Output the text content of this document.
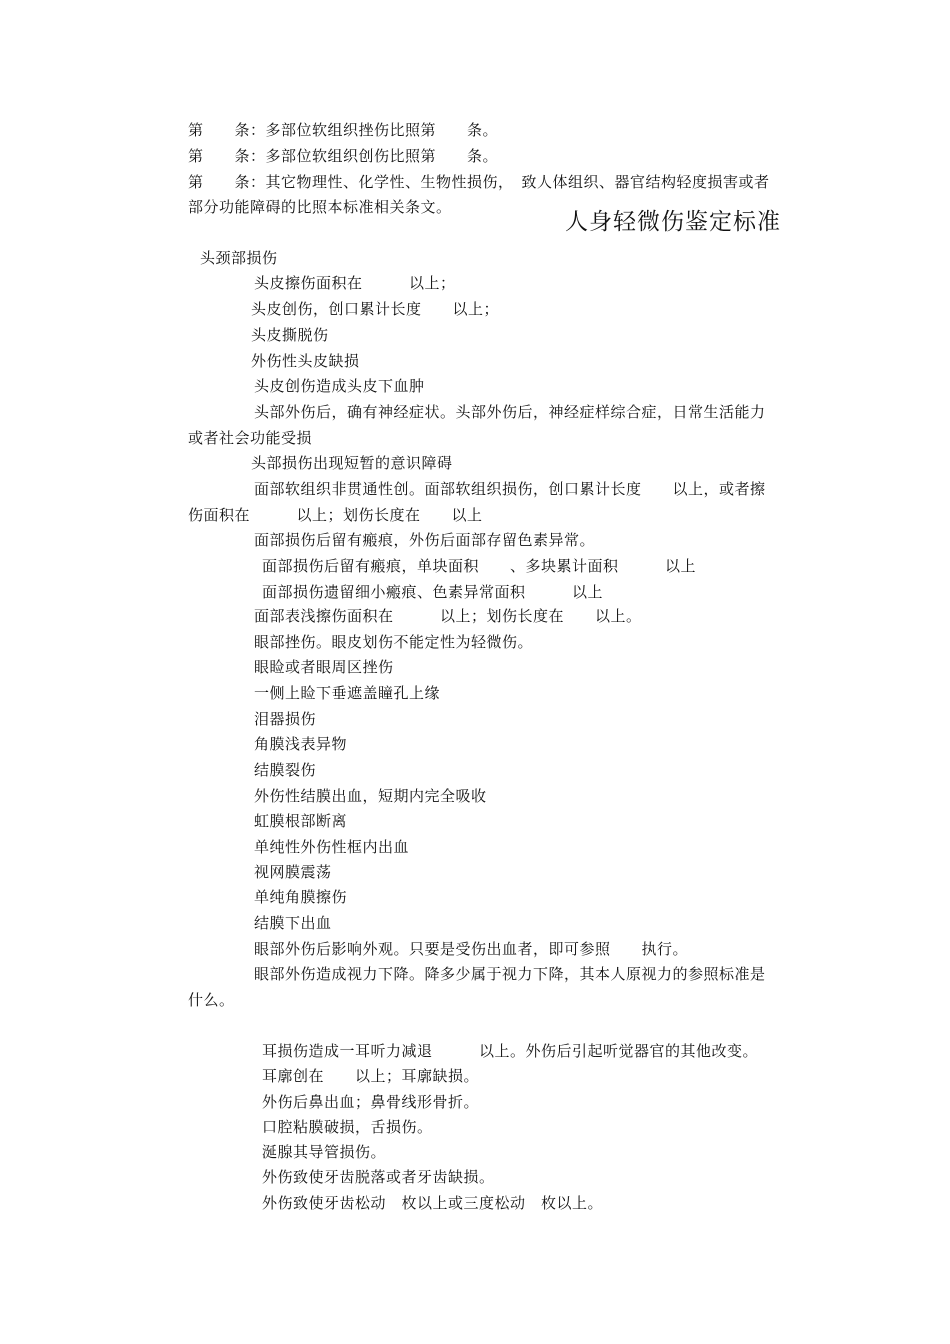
第　　条：多部位软组织挫伤比照第　　条。
第　　条：多部位软组织创伤比照第　　条。
第　　条：其它物理性、化学性、生物性损伤，　致人体组织、器官结构轻度损害或者
部分功能障碍的比照本标准相关条文。
人身轻微伤鉴定标准
头颈部损伤
头皮擦伤面积在　　　以上；
头皮创伤，创口累计长度　　以上；
头皮撕脱伤
外伤性头皮缺损
头皮创伤造成头皮下血肿
头部外伤后，确有神经症状。头部外伤后，神经症样综合症，日常生活能力
或者社会功能受损
头部损伤出现短暂的意识障碍
面部软组织非贯通性创。面部软组织损伤，创口累计长度　　以上，或者擦
伤面积在　　　以上；划伤长度在　　以上
面部损伤后留有瘢痕，外伤后面部存留色素异常。
面部损伤后留有瘢痕，单块面积　　、多块累计面积　　　以上
面部损伤遗留细小瘢痕、色素异常面积　　　以上
面部表浅擦伤面积在　　　以上；划伤长度在　　以上。
眼部挫伤。眼皮划伤不能定性为轻微伤。
眼睑或者眼周区挫伤
一侧上睑下垂遮盖瞳孔上缘
泪器损伤
角膜浅表异物
结膜裂伤
外伤性结膜出血，短期内完全吸收
虹膜根部断离
单纯性外伤性框内出血
视网膜震荡
单纯角膜擦伤
结膜下出血
眼部外伤后影响外观。只要是受伤出血者，即可参照　　执行。
眼部外伤造成视力下降。降多少属于视力下降，其本人原视力的参照标准是
什么。
耳损伤造成一耳听力减退　　　以上。外伤后引起听觉器官的其他改变。
耳廓创在　　以上；耳廓缺损。
外伤后鼻出血；鼻骨线形骨折。
口腔粘膜破损，舌损伤。
涎腺其导管损伤。
外伤致使牙齿脱落或者牙齿缺损。
外伤致使牙齿松动　枚以上或三度松动　枚以上。
